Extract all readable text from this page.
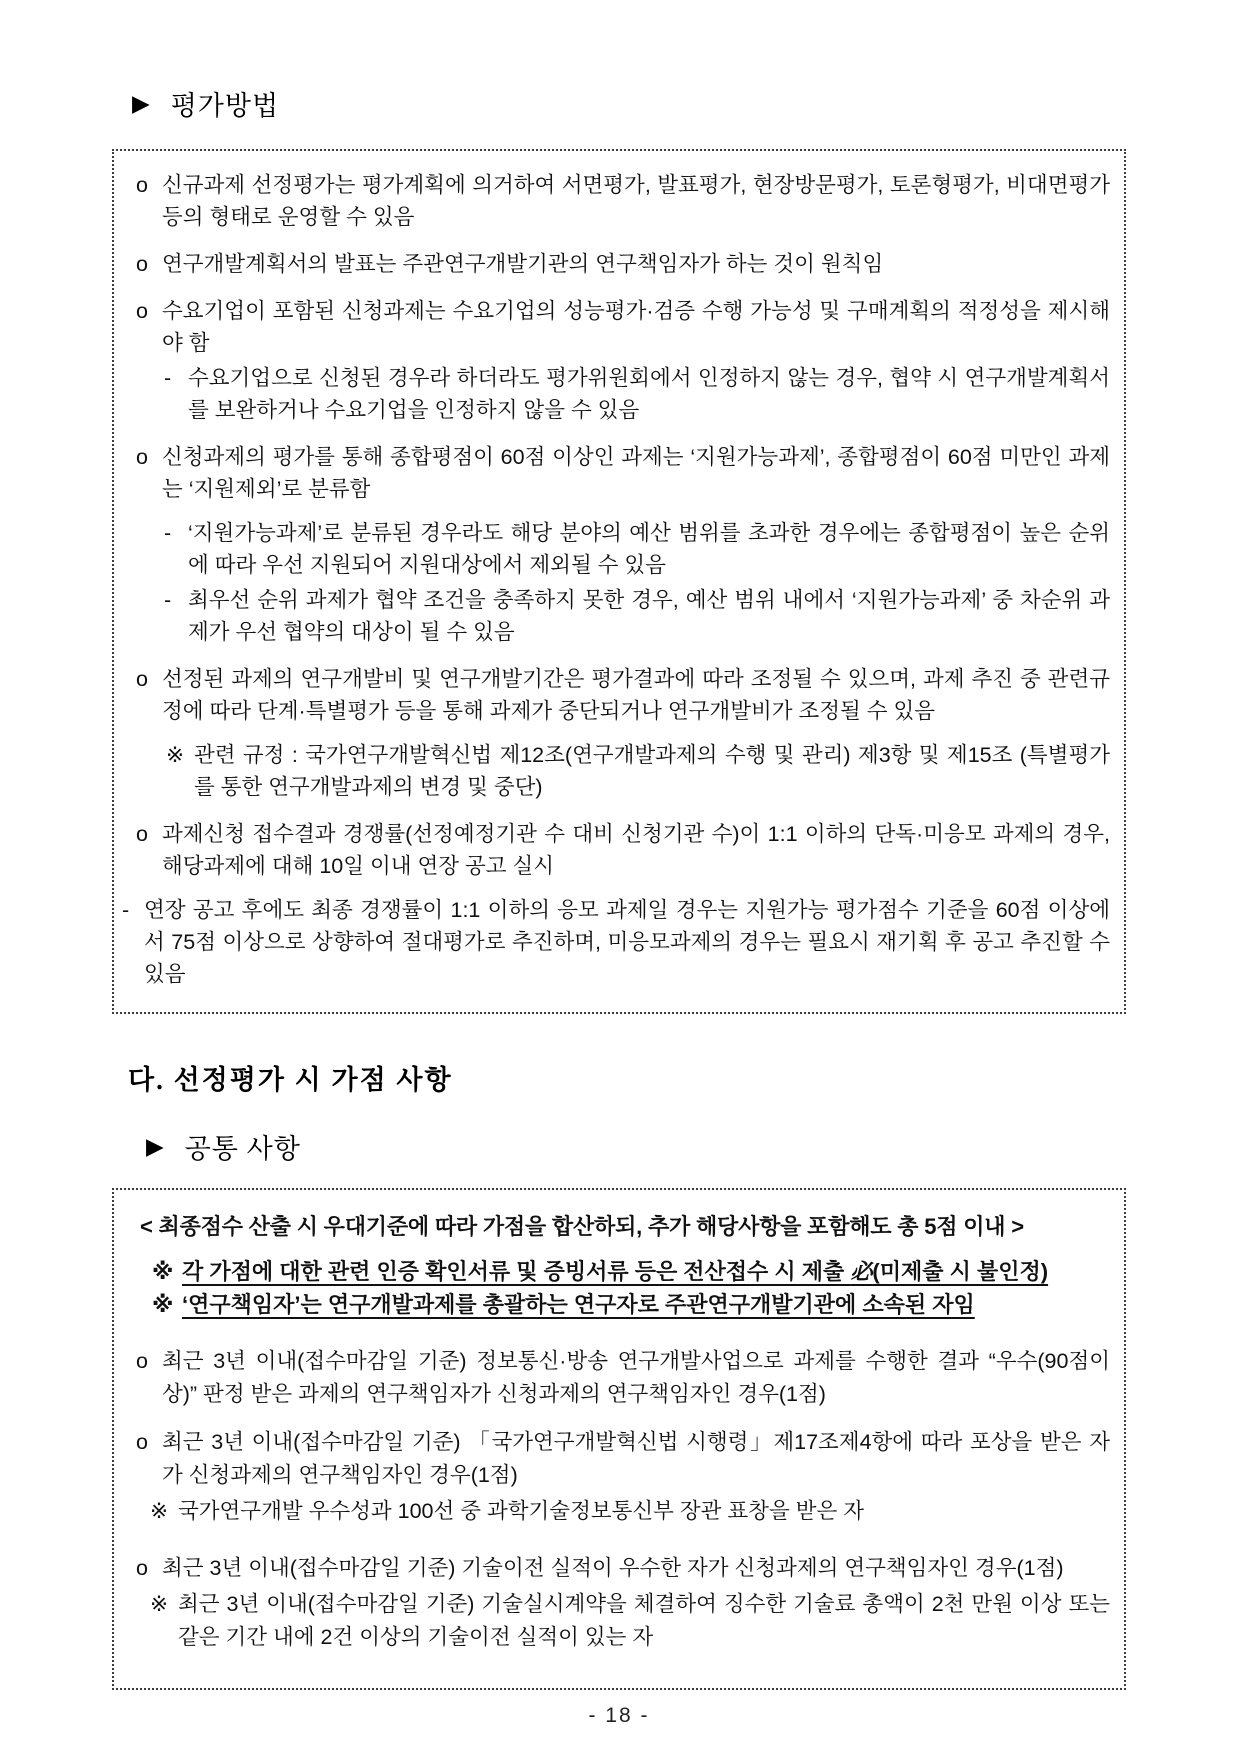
▶ 평가방법
o 신규과제 선정평가는 평가계획에 의거하여 서면평가, 발표평가, 현장방문평가, 토론형평가, 비대면평가 등의 형태로 운영할 수 있음
o 연구개발계획서의 발표는 주관연구개발기관의 연구책임자가 하는 것이 원칙임
o 수요기업이 포함된 신청과제는 수요기업의 성능평가·검증 수행 가능성 및 구매계획의 적정성을 제시해야 함
- 수요기업으로 신청된 경우라 하더라도 평가위원회에서 인정하지 않는 경우, 협약 시 연구개발계획서를 보완하거나 수요기업을 인정하지 않을 수 있음
o 신청과제의 평가를 통해 종합평점이 60점 이상인 과제는 ‘지원가능과제’, 종합평점이 60점 미만인 과제는 ‘지원제외’로 분류함
- ‘지원가능과제’로 분류된 경우라도 해당 분야의 예산 범위를 초과한 경우에는 종합평점이 높은 순위에 따라 우선 지원되어 지원대상에서 제외될 수 있음
- 최우선 순위 과제가 협약 조건을 충족하지 못한 경우, 예산 범위 내에서 ‘지원가능과제’ 중 차순위 과제가 우선 협약의 대상이 될 수 있음
o 선정된 과제의 연구개발비 및 연구개발기간은 평가결과에 따라 조정될 수 있으며, 과제 추진 중 관련규정에 따라 단계·특별평가 등을 통해 과제가 중단되거나 연구개발비가 조정될 수 있음
※ 관련 규정 : 국가연구개발혁신법 제12조(연구개발과제의 수행 및 관리) 제3항 및 제15조 (특별평가를 통한 연구개발과제의 변경 및 중단)
o 과제신청 접수결과 경쟁률(선정예정기관 수 대비 신청기관 수)이 1:1 이하의 단독·미응모 과제의 경우, 해당과제에 대해 10일 이내 연장 공고 실시
- 연장 공고 후에도 최종 경쟁률이 1:1 이하의 응모 과제일 경우는 지원가능 평가점수 기준을 60점 이상에서 75점 이상으로 상향하여 절대평가로 추진하며, 미응모과제의 경우는 필요시 재기획 후 공고 추진할 수 있음
다. 선정평가 시 가점 사항
▶ 공통 사항
< 최종점수 산출 시 우대기준에 따라 가점을 합산하되, 추가 해당사항을 포함해도 총 5점 이내 >
※ 각 가점에 대한 관련 인증 확인서류 및 증빙서류 등은 전산접수 시 제출 必(미제출 시 불인정)
※ ‘연구책임자’는 연구개발과제를 총괄하는 연구자로 주관연구개발기관에 소속된 자임
o 최근 3년 이내(접수마감일 기준) 정보통신·방송 연구개발사업으로 과제를 수행한 결과 “우수(90점이상)” 판정 받은 과제의 연구책임자가 신청과제의 연구책임자인 경우(1점)
o 최근 3년 이내(접수마감일 기준) 「국가연구개발혁신법 시행령」제17조제4항에 따라 포상을 받은 자가 신청과제의 연구책임자인 경우(1점)
※ 국가연구개발 우수성과 100선 중 과학기술정보통신부 장관 표창을 받은 자
o 최근 3년 이내(접수마감일 기준) 기술이전 실적이 우수한 자가 신청과제의 연구책임자인 경우(1점)
※ 최근 3년 이내(접수마감일 기준) 기술실시계약을 체결하여 징수한 기술료 총액이 2천 만원 이상 또는 같은 기간 내에 2건 이상의 기술이전 실적이 있는 자
- 18 -
